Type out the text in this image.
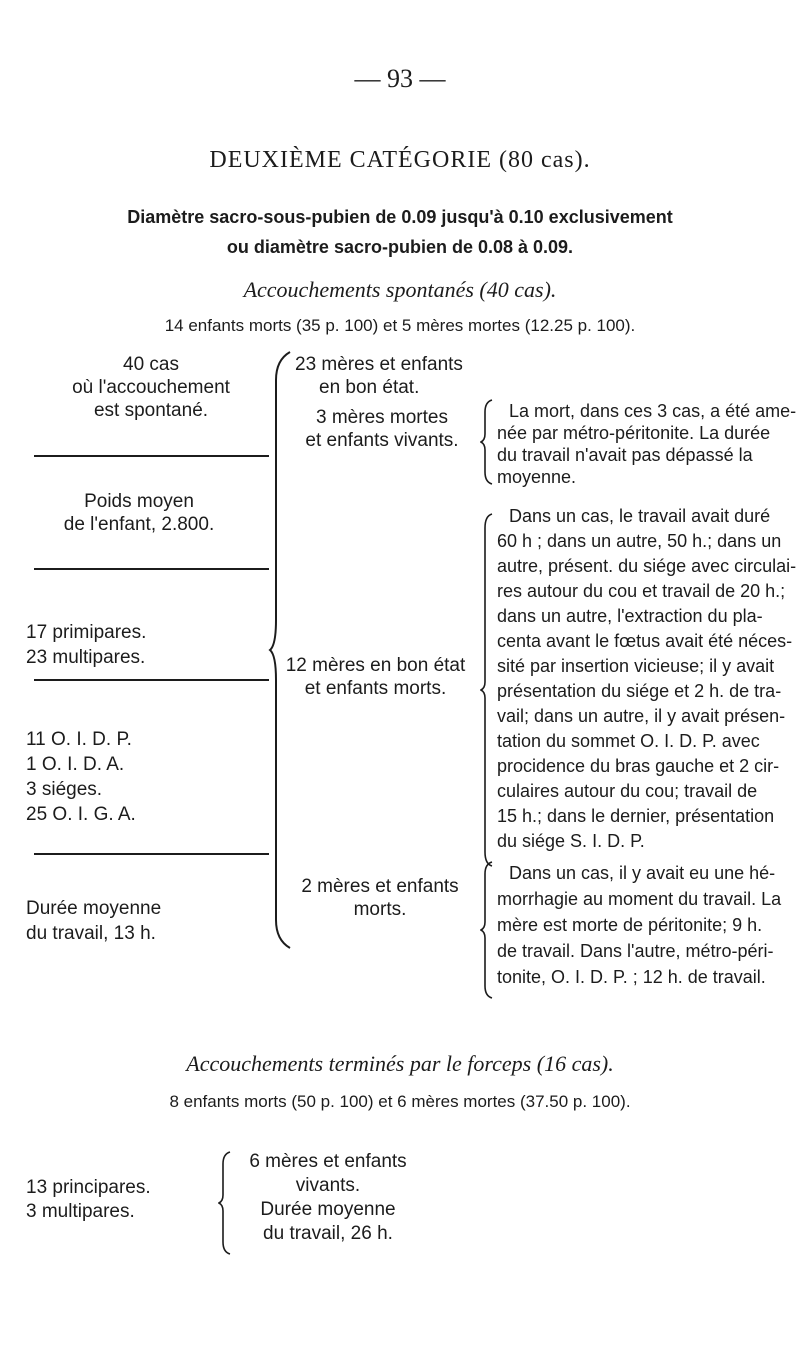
— 93 —
DEUXIÈME CATÉGORIE (80 cas).
Diamètre sacro-sous-pubien de 0.09 jusqu'à 0.10 exclusivement
ou diamètre sacro-pubien de 0.08 à 0.09.
Accouchements spontanés (40 cas).
14 enfants morts (35 p. 100) et 5 mères mortes (12.25 p. 100).
40 cas
où l'accouchement
est spontané.
Poids moyen
de l'enfant, 2.800.
17 primipares.
23 multipares.
11 O. I. D. P.
1 O. I. D. A.
3 siéges.
25 O. I. G. A.
Durée moyenne
du travail, 13 h.
23 mères et enfants
en bon état.
3 mères mortes
et enfants vivants.
12 mères en bon état
et enfants morts.
2 mères et enfants
morts.
La mort, dans ces 3 cas, a été ame-
née par métro-péritonite. La durée
du travail n'avait pas dépassé la
moyenne.
Dans un cas, le travail avait duré
60 h ; dans un autre, 50 h.; dans un
autre, présent. du siége avec circulai-
res autour du cou et travail de 20 h.;
dans un autre, l'extraction du pla-
centa avant le fœtus avait été néces-
sité par insertion vicieuse; il y avait
présentation du siége et 2 h. de tra-
vail; dans un autre, il y avait présen-
tation du sommet O. I. D. P. avec
procidence du bras gauche et 2 cir-
culaires autour du cou; travail de
15 h.; dans le dernier, présentation
du siége S. I. D. P.
Dans un cas, il y avait eu une hé-
morrhagie au moment du travail. La
mère est morte de péritonite; 9 h.
de travail. Dans l'autre, métro-péri-
tonite, O. I. D. P. ; 12 h. de travail.
Accouchements terminés par le forceps (16 cas).
8 enfants morts (50 p. 100) et 6 mères mortes (37.50 p. 100).
13 principares.
3 multipares.
6 mères et enfants
vivants.
Durée moyenne
du travail, 26 h.
